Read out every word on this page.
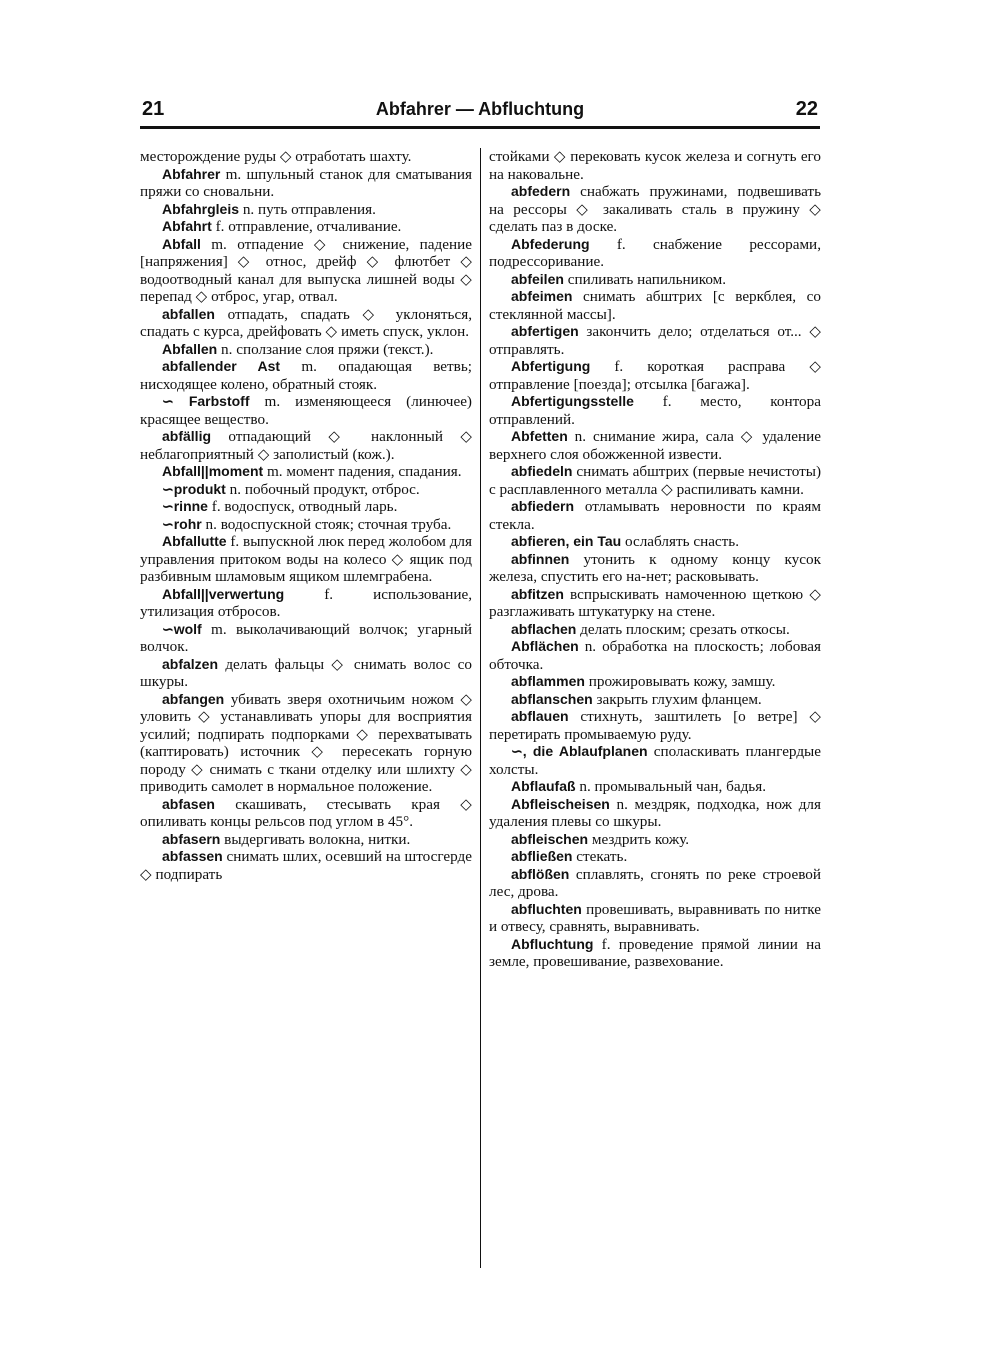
21	Abfahrer — Abfluchtung	22

месторождение руды ◇ отработать шахту.

Abfahrer m. шпульный станок для сматывания пряжи со сновальни.

Abfahrgleis n. путь отправления.

Abfahrt f. отправление, отчаливание.

Abfall m. отпадение ◇ снижение, падение [напряжения] ◇ относ, дрейф ◇ флютбет ◇ водоотводный канал для выпуска лишней воды ◇ перепад ◇ отброс, угар, отвал.

abfallen отпадать, спадать ◇ уклоняться, спадать с курса, дрейфовать ◇ иметь спуск, уклон.

Abfallen n. сползание слоя пряжи (текст.).

abfallender Ast m. опадающая ветвь; нисходящее колено, обратный стояк.

∽ Farbstoff m. изменяющееся (линючее) красящее вещество.

abfällig отпадающий ◇ наклонный ◇ неблагоприятный ◇ заполистый (кож.).

Abfall||moment m. момент падения, спадания.

∽produkt n. побочный продукт, отброс.

∽rinne f. водоспуск, отводный ларь.

∽rohr n. водоспускной стояк; сточная труба.

Abfallutte f. выпускной люк перед жолобом для управления притоком воды на колесо ◇ ящик под разбивным шламовым ящиком шлемграбена.

Abfall||verwertung f. использование, утилизация отбросов.

∽wolf m. выколачивающий волчок; угарный волчок.

abfalzen делать фальцы ◇ снимать волос со шкуры.

abfangen убивать зверя охотничьим ножом ◇ уловить ◇ устанавливать упоры для восприятия усилий; подпирать подпорками ◇ перехватывать (каптировать) источник ◇ пересекать горную породу ◇ снимать с ткани отделку или шлихту ◇ приводить самолет в нормальное положение.

abfasen скашивать, стесывать края ◇ опиливать концы рельсов под углом в 45°.

abfasern выдергивать волокна, нитки.

abfassen снимать шлих, осевший на штосгерде ◇ подпирать

стойками ◇ перековать кусок железа и согнуть его на наковальне.

abfedern снабжать пружинами, подвешивать на рессоры ◇ закаливать сталь в пружину ◇ сделать паз в доске.

Abfederung f. снабжение рессорами, подрессоривание.

abfeilen спиливать напильником.

abfeimen снимать абштрих [с веркблея, со стеклянной массы].

abfertigen закончить дело; отделаться от... ◇ отправлять.

Abfertigung f. короткая расправа ◇ отправление [поезда]; отсылка [багажа].

Abfertigungsstelle f. место, контора отправлений.

Abfetten n. снимание жира, сала ◇ удаление верхнего слоя обожженной извести.

abfiedeln снимать абштрих (первые нечистоты) с расплавленного металла ◇ распиливать камни.

abfiedern отламывать неровности по краям стекла.

abfieren, ein Tau ослаблять снасть.

abfinnen утонить к одному концу кусок железа, спустить его на-нет; расковывать.

abfitzen вспрыскивать намоченною щеткою ◇ разглаживать штукатурку на стене.

abflachen делать плоским; срезать откосы.

Abflächen n. обработка на плоскость; лобовая обточка.

abflammen прожировывать кожу, замшу.

abflanschen закрыть глухим фланцем.

abflauen стихнуть, заштилеть [о ветре] ◇ перетирать промываемую руду.

∽, die Ablaufplanen споласкивать плангердые холсты.

Abflaufaß n. промывальный чан, бадья.

Abfleischeisen n. мездряк, подходка, нож для удаления плевы со шкуры.

abfleischen мездрить кожу.

abfließen стекать.

abflößen сплавлять, сгонять по реке строевой лес, дрова.

abfluchten провешивать, выравнивать по нитке и отвесу, сравнять, выравнивать.

Abfluchtung f. проведение прямой линии на земле, провешивание, развехование.
